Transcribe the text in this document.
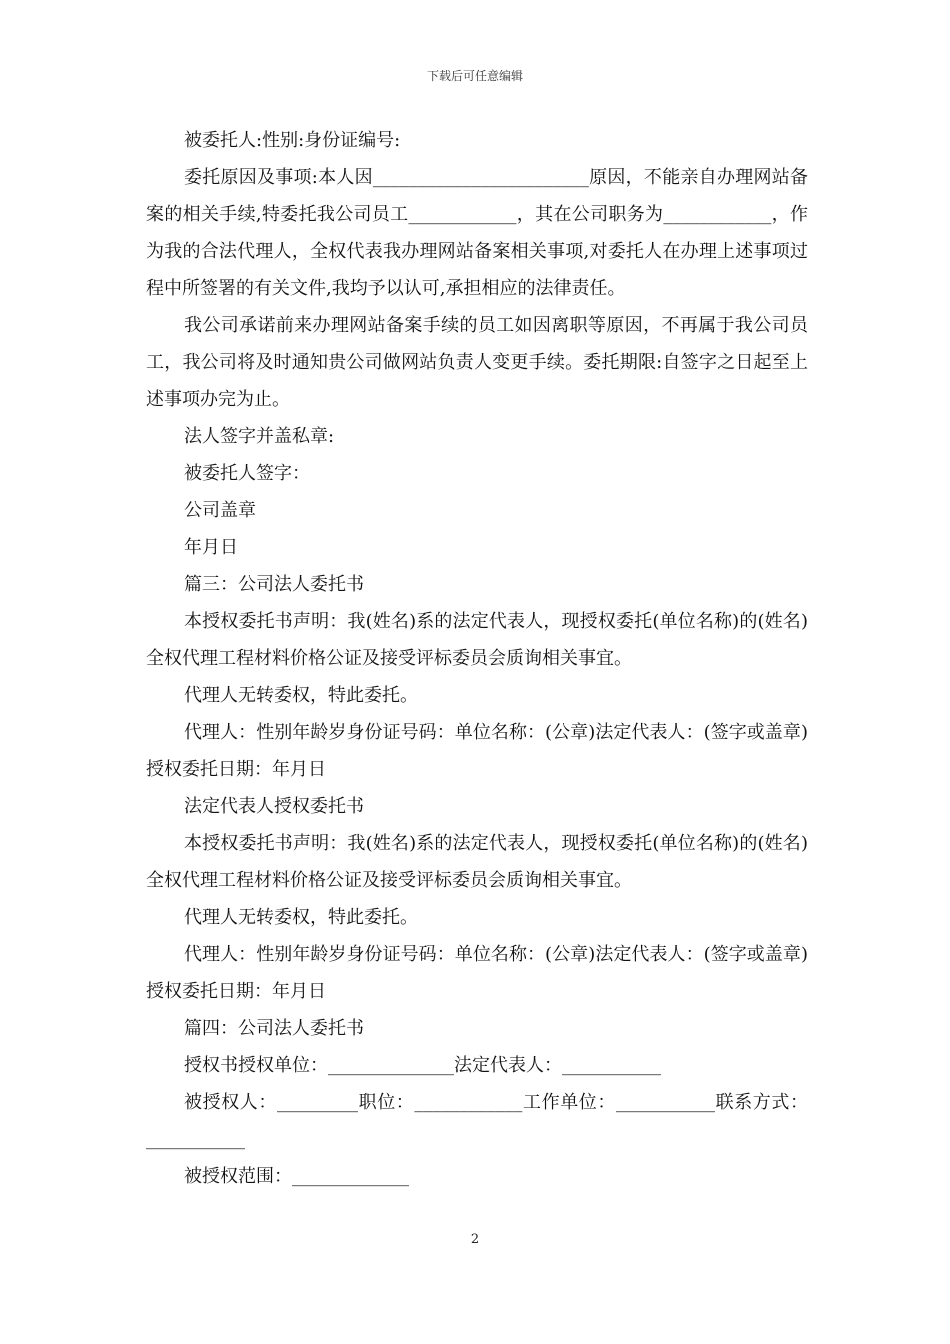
下载后可任意编辑

被委托人:性别:身份证编号:

委托原因及事项:本人因________________________原因，不能亲自办理网站备案的相关手续,特委托我公司员工____________，其在公司职务为____________，作为我的合法代理人，全权代表我办理网站备案相关事项,对委托人在办理上述事项过程中所签署的有关文件,我均予以认可,承担相应的法律责任。

我公司承诺前来办理网站备案手续的员工如因离职等原因，不再属于我公司员工，我公司将及时通知贵公司做网站负责人变更手续。委托期限:自签字之日起至上述事项办完为止。

法人签字并盖私章:

被委托人签字：

公司盖章

年月日

篇三：公司法人委托书

本授权委托书声明：我(姓名)系的法定代表人，现授权委托(单位名称)的(姓名)全权代理工程材料价格公证及接受评标委员会质询相关事宜。

代理人无转委权，特此委托。

代理人：性别年龄岁身份证号码：单位名称：(公章)法定代表人：(签字或盖章)授权委托日期：年月日

法定代表人授权委托书

本授权委托书声明：我(姓名)系的法定代表人，现授权委托(单位名称)的(姓名)全权代理工程材料价格公证及接受评标委员会质询相关事宜。

代理人无转委权，特此委托。

代理人：性别年龄岁身份证号码：单位名称：(公章)法定代表人：(签字或盖章)授权委托日期：年月日

篇四：公司法人委托书

授权书授权单位：______________法定代表人：___________

被授权人：_________职位：____________工作单位：___________联系方式：___________

被授权范围：_____________

2
